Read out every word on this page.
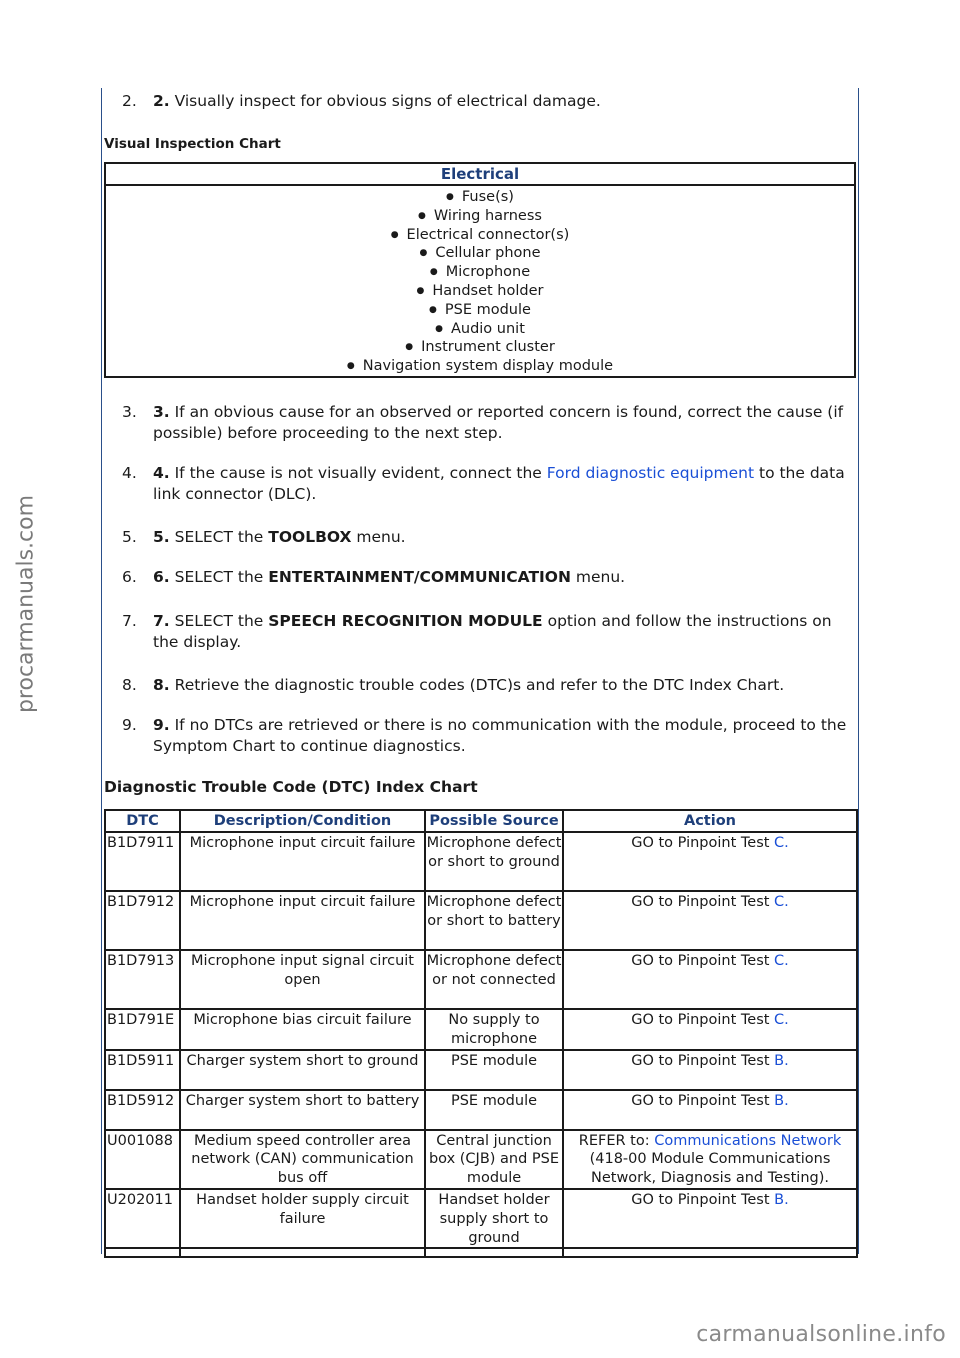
2. 2. Visually inspect for obvious signs of electrical damage.
Visual Inspection Chart
Electrical

● Fuse(s)
● Wiring harness
● Electrical connector(s)
● Cellular phone
● Microphone
● Handset holder
● PSE module
● Audio unit
● Instrument cluster
● Navigation system display module
3. 3. If an obvious cause for an observed or reported concern is found, correct the cause (if possible) before proceeding to the next step.
4. 4. If the cause is not visually evident, connect the Ford diagnostic equipment to the data link connector (DLC).
5. 5. SELECT the TOOLBOX menu.
6. 6. SELECT the ENTERTAINMENT/COMMUNICATION menu.
7. 7. SELECT the SPEECH RECOGNITION MODULE option and follow the instructions on the display.
8. 8. Retrieve the diagnostic trouble codes (DTC)s and refer to the DTC Index Chart.
9. 9. If no DTCs are retrieved or there is no communication with the module, proceed to the Symptom Chart to continue diagnostics.
Diagnostic Trouble Code (DTC) Index Chart
DTC	Description/Condition	Possible Source	Action
B1D7911	Microphone input circuit failure	Microphone defect or short to ground	GO to Pinpoint Test C.
B1D7912	Microphone input circuit failure	Microphone defect or short to battery	GO to Pinpoint Test C.
B1D7913	Microphone input signal circuit open	Microphone defect or not connected	GO to Pinpoint Test C.
B1D791E	Microphone bias circuit failure	No supply to microphone	GO to Pinpoint Test C.
B1D5911	Charger system short to ground	PSE module	GO to Pinpoint Test B.
B1D5912	Charger system short to battery	PSE module	GO to Pinpoint Test B.
U001088	Medium speed controller area network (CAN) communication bus off	Central junction box (CJB) and PSE module	REFER to: Communications Network (418-00 Module Communications Network, Diagnosis and Testing).
U202011	Handset holder supply circuit failure	Handset holder supply short to ground	GO to Pinpoint Test B.

procarmanuals.com
carmanualsonline.info
